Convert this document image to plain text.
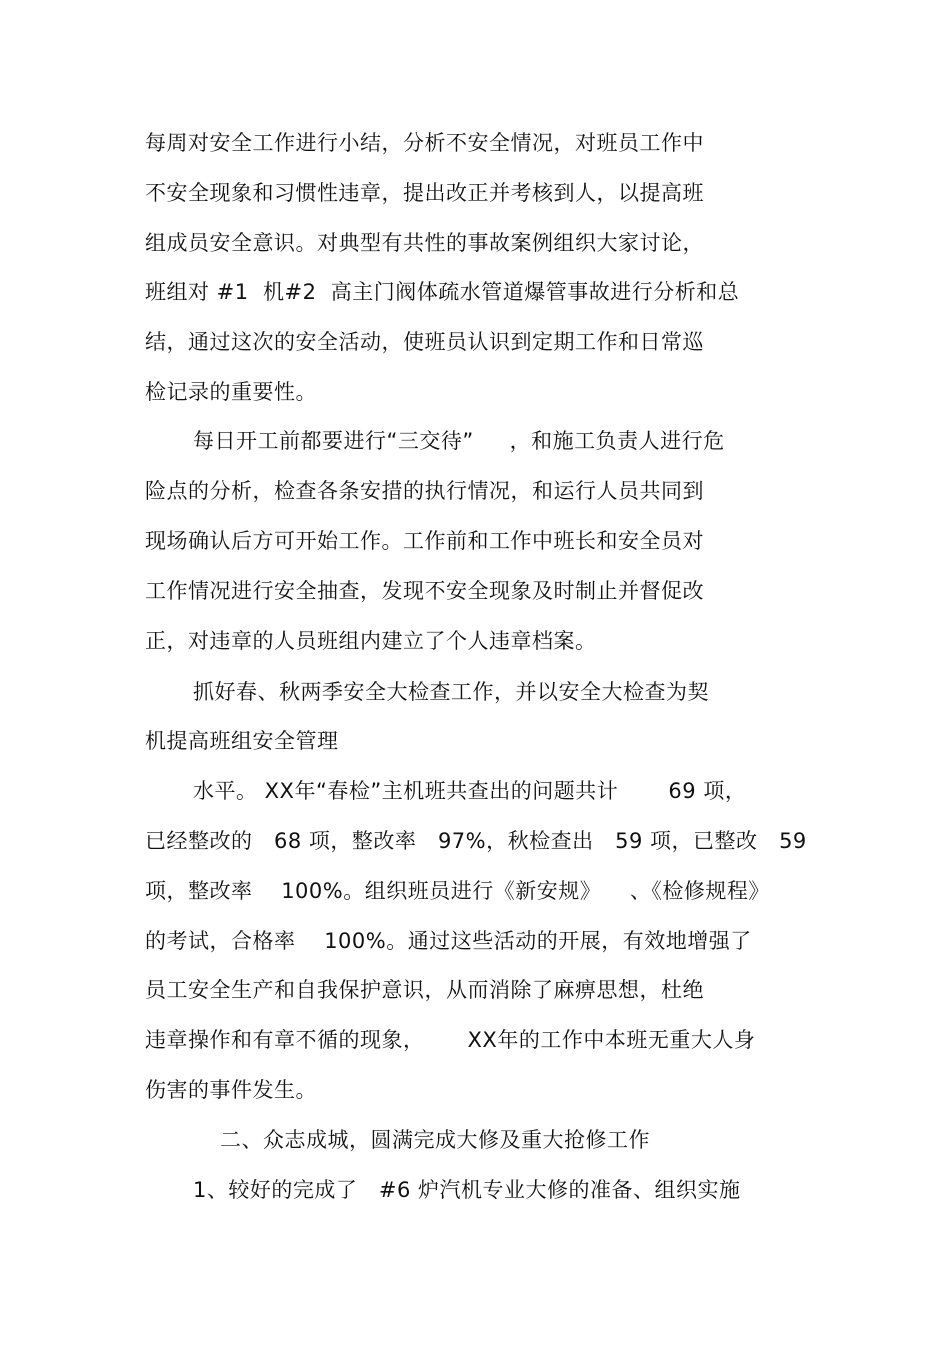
每周对安全工作进行小结，分析不安全情况，对班员工作中
不安全现象和习惯性违章，提出改正并考核到人，以提高班
组成员安全意识。对典型有共性的事故案例组织大家讨论，
班组对 #1  机#2  高主门阀体疏水管道爆管事故进行分析和总
结，通过这次的安全活动，使班员认识到定期工作和日常巡
检记录的重要性。
每日开工前都要进行“三交待”     ，和施工负责人进行危
险点的分析，检查各条安措的执行情况，和运行人员共同到
现场确认后方可开始工作。工作前和工作中班长和安全员对
工作情况进行安全抽查，发现不安全现象及时制止并督促改
正，对违章的人员班组内建立了个人违章档案。
抓好春、秋两季安全大检查工作，并以安全大检查为契
机提高班组安全管理
水平。 XX年“春检”主机班共查出的问题共计       69 项，
已经整改的   68 项，整改率   97%，秋检查出   59 项，已整改   59
项，整改率    100%。组织班员进行《新安规》    、《检修规程》
的考试，合格率    100%。通过这些活动的开展，有效地增强了
员工安全生产和自我保护意识，从而消除了麻痹思想，杜绝
违章操作和有章不循的现象，      XX年的工作中本班无重大人身
伤害的事件发生。
二、众志成城，圆满完成大修及重大抢修工作
1、较好的完成了   #6 炉汽机专业大修的准备、组织实施
